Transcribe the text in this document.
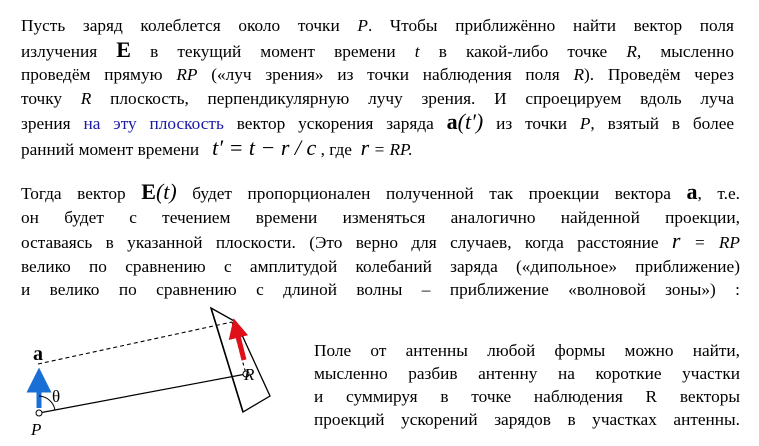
Пусть заряд колеблется около точки P. Чтобы приближённо найти вектор поля
излучения E в текущий момент времени t в какой-либо точке R, мысленно
проведём прямую RP («луч зрения» из точки наблюдения поля R). Проведём через
точку R плоскость, перпендикулярную лучу зрения. И спроецируем вдоль луча
зрения на эту плоскость вектор ускорения заряда a(t′) из точки P, взятый в более
ранний момент времени t′ = t − r / c , где r = RP.
Тогда вектор E(t) будет пропорционален полученной так проекции вектора a, т.е.
он будет с течением времени изменяться аналогично найденной проекции,
оставаясь в указанной плоскости. (Это верно для случаев, когда расстояние r = RP
велико по сравнению с амплитудой колебаний заряда («дипольное» приближение)
и велико по сравнению с длиной волны – приближение «волновой зоны») :
a
θ
P
R
Поле от антенны любой формы можно найти,
мысленно разбив антенну на короткие участки
и суммируя в точке наблюдения R векторы
проекций ускорений зарядов в участках антенны.
